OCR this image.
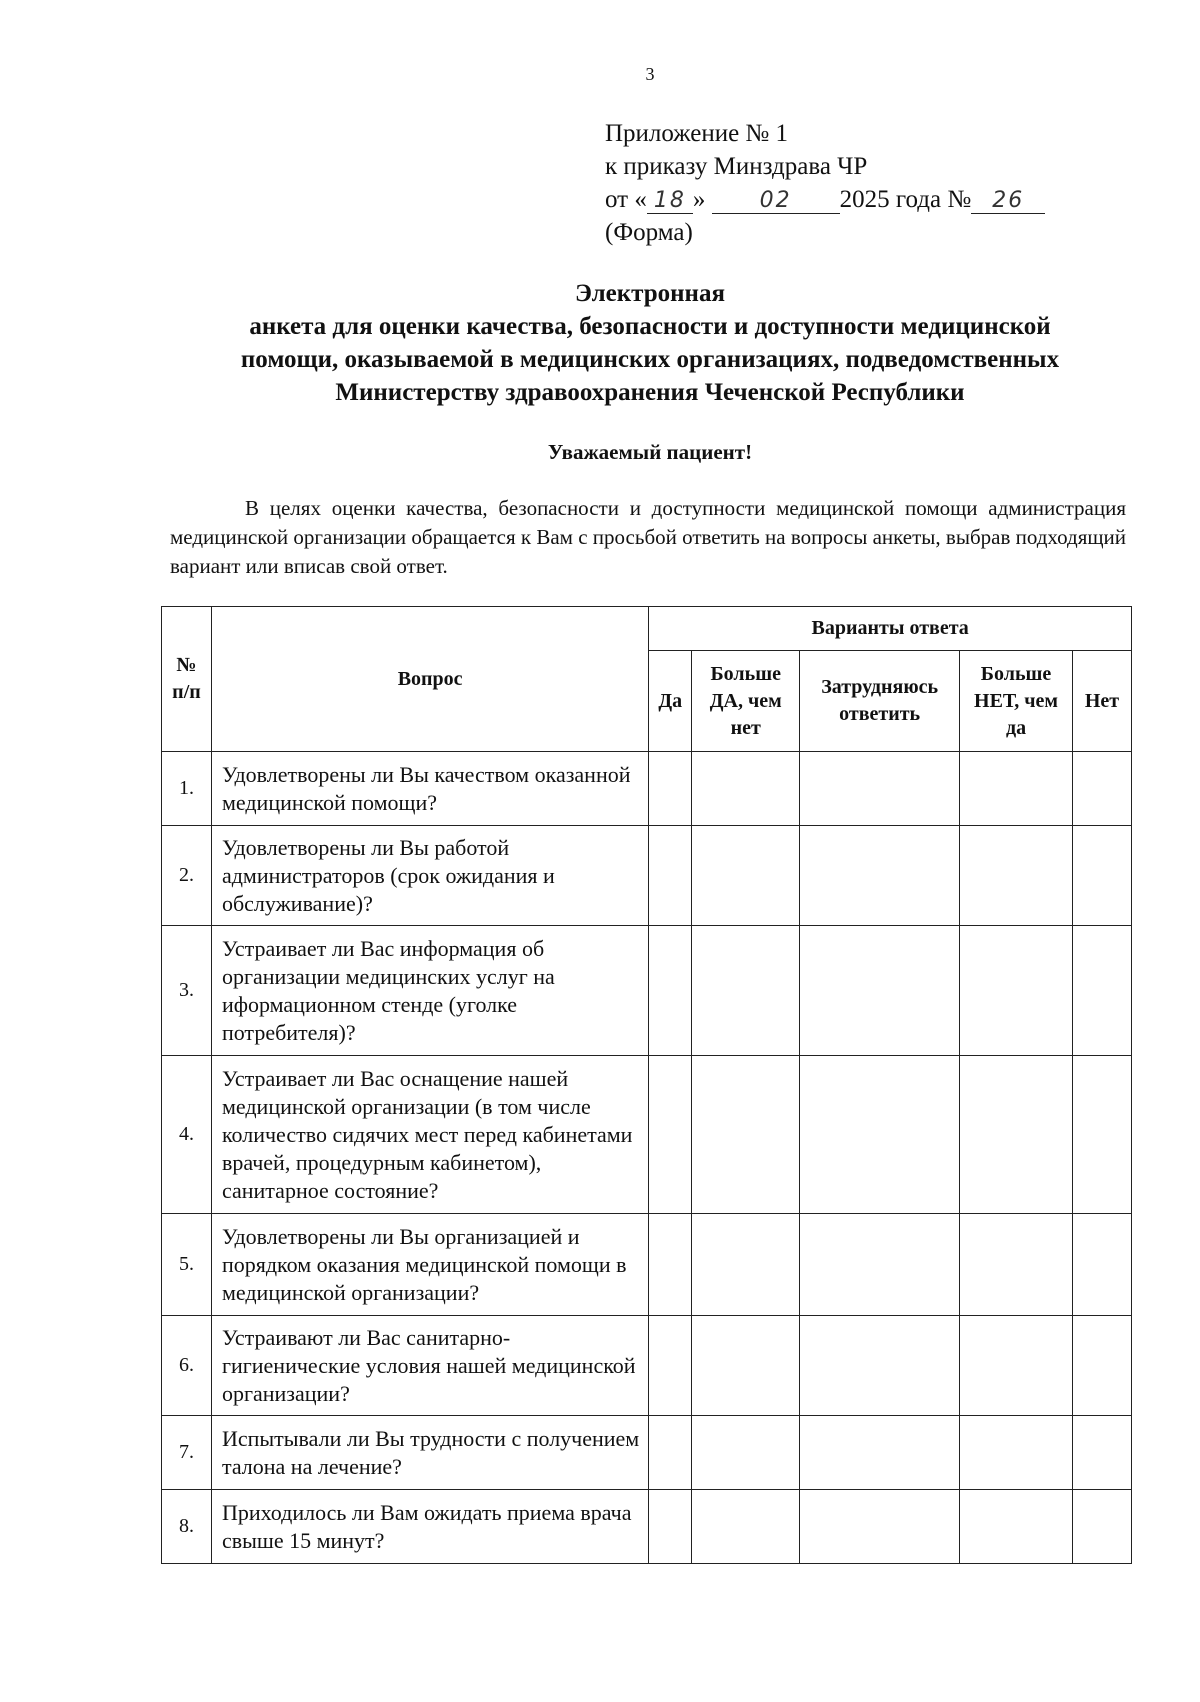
3
Приложение № 1
к приказу Минздрава ЧР
от « 18 » 02 2025 года № 26
(Форма)
Электронная
анкета для оценки качества, безопасности и доступности медицинской
помощи, оказываемой в медицинских организациях, подведомственных
Министерству здравоохранения Чеченской Республики
Уважаемый пациент!
В целях оценки качества, безопасности и доступности медицинской помощи администрация медицинской организации обращается к Вам с просьбой ответить на вопросы анкеты, выбрав подходящий вариант или вписав свой ответ.
№ п/п	Вопрос	Варианты ответа				
		Да	Больше ДА, чем нет	Затрудняюсь ответить	Больше НЕТ, чем да	Нет
1.	Удовлетворены ли Вы качеством оказанной медицинской помощи?					
2.	Удовлетворены ли Вы работой администраторов (срок ожидания и обслуживание)?					
3.	Устраивает ли Вас информация об организации медицинских услуг на иформационном стенде (уголке потребителя)?					
4.	Устраивает ли Вас оснащение нашей медицинской организации (в том числе количество сидячих мест перед кабинетами врачей, процедурным кабинетом), санитарное состояние?					
5.	Удовлетворены ли Вы организацией и порядком оказания медицинской помощи в медицинской организации?					
6.	Устраивают ли Вас санитарно-гигиенические условия нашей медицинской организации?					
7.	Испытывали ли Вы трудности с получением талона на лечение?					
8.	Приходилось ли Вам ожидать приема врача свыше 15 минут?					
